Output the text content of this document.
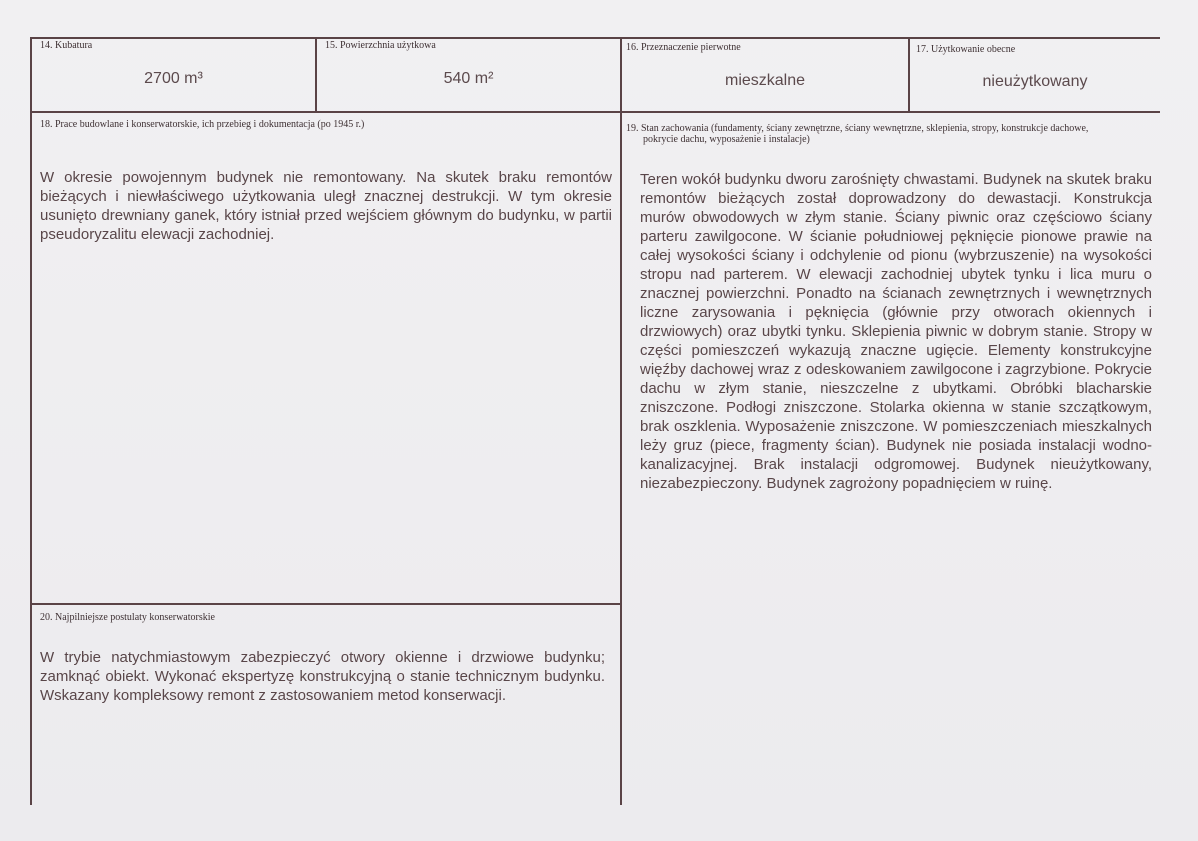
14. Kubatura
2700 m³
15. Powierzchnia użytkowa
540 m²
16. Przeznaczenie pierwotne
mieszkalne
17. Użytkowanie obecne
nieużytkowany
18. Prace budowlane i konserwatorskie, ich przebieg i dokumentacja (po 1945 r.)
W okresie powojennym budynek nie remontowany. Na skutek braku remontów bieżących i niewłaściwego użytkowania uległ znacznej destrukcji. W tym okresie usunięto drewniany ganek, który istniał przed wejściem głównym do budynku, w partii pseudoryzalitu elewacji zachodniej.
19. Stan zachowania (fundamenty, ściany zewnętrzne, ściany wewnętrzne, sklepienia, stropy, konstrukcje dachowe,
pokrycie dachu, wyposażenie i instalacje)
Teren wokół budynku dworu zarośnięty chwastami. Budynek na skutek braku remontów bieżących został doprowadzony do dewastacji. Konstrukcja murów obwodowych w złym stanie. Ściany piwnic oraz częściowo ściany parteru zawilgocone. W ścianie południowej pęknięcie pionowe prawie na całej wysokości ściany i odchylenie od pionu (wybrzuszenie) na wysokości stropu nad parterem. W elewacji zachodniej ubytek tynku i lica muru o znacznej powierzchni. Ponadto na ścianach zewnętrznych i wewnętrznych liczne zarysowania i pęknięcia (głównie przy otworach okiennych i drzwiowych) oraz ubytki tynku. Sklepienia piwnic w dobrym stanie. Stropy w części pomieszczeń wykazują znaczne ugięcie. Elementy konstrukcyjne więźby dachowej wraz z odeskowaniem zawilgocone i zagrzybione. Pokrycie dachu w złym stanie, nieszczelne z ubytkami. Obróbki blacharskie zniszczone. Podłogi zniszczone. Stolarka okienna w stanie szczątkowym, brak oszklenia. Wyposażenie zniszczone. W pomieszczeniach mieszkalnych leży gruz (piece, fragmenty ścian). Budynek nie posiada instalacji wodno-kanalizacyjnej. Brak instalacji odgromowej. Budynek nieużytkowany, niezabezpieczony. Budynek zagrożony popadnięciem w ruinę.
20. Najpilniejsze postulaty konserwatorskie
W trybie natychmiastowym zabezpieczyć otwory okienne i drzwiowe budynku; zamknąć obiekt. Wykonać ekspertyzę konstrukcyjną o stanie technicznym budynku. Wskazany kompleksowy remont z zastosowaniem metod konserwacji.
